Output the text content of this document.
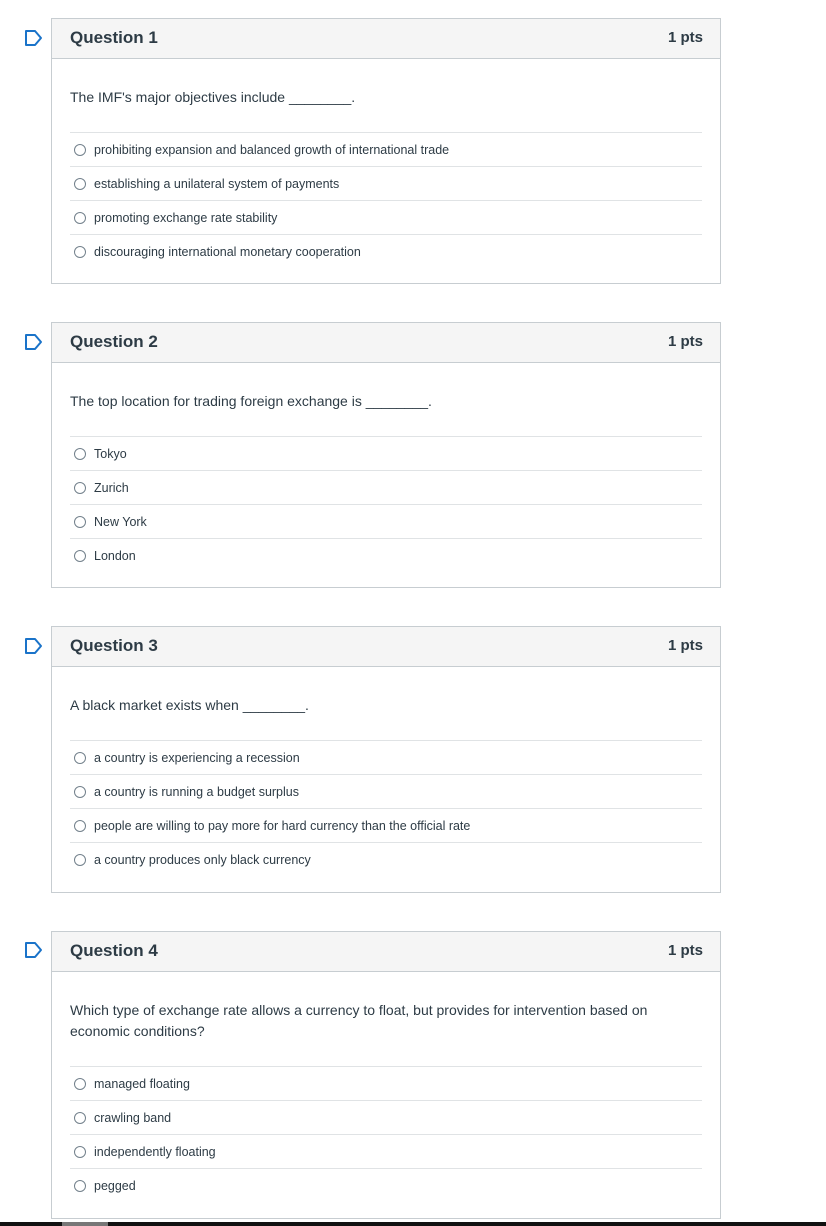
Question 1	1 pts
The IMF's major objectives include ________.
prohibiting expansion and balanced growth of international trade
establishing a unilateral system of payments
promoting exchange rate stability
discouraging international monetary cooperation
Question 2	1 pts
The top location for trading foreign exchange is ________.
Tokyo
Zurich
New York
London
Question 3	1 pts
A black market exists when ________.
a country is experiencing a recession
a country is running a budget surplus
people are willing to pay more for hard currency than the official rate
a country produces only black currency
Question 4	1 pts
Which type of exchange rate allows a currency to float, but provides for intervention based on economic conditions?
managed floating
crawling band
independently floating
pegged
